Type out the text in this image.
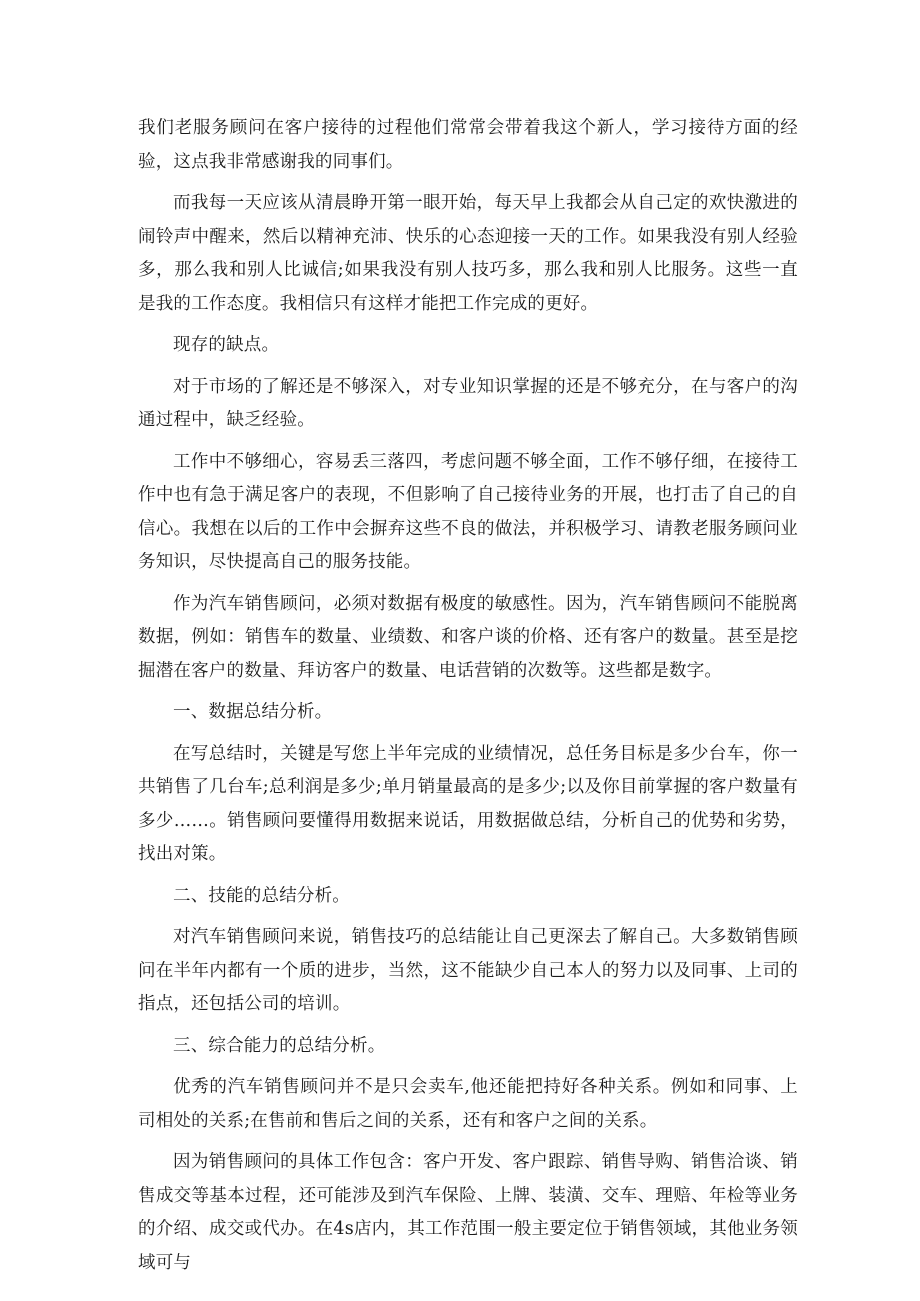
我们老服务顾问在客户接待的过程他们常常会带着我这个新人，学习接待方面的经验，这点我非常感谢我的同事们。

而我每一天应该从清晨睁开第一眼开始，每天早上我都会从自己定的欢快激进的闹铃声中醒来，然后以精神充沛、快乐的心态迎接一天的工作。如果我没有别人经验多，那么我和别人比诚信;如果我没有别人技巧多，那么我和别人比服务。这些一直是我的工作态度。我相信只有这样才能把工作完成的更好。

现存的缺点。

对于市场的了解还是不够深入，对专业知识掌握的还是不够充分，在与客户的沟通过程中，缺乏经验。

工作中不够细心，容易丢三落四，考虑问题不够全面，工作不够仔细，在接待工作中也有急于满足客户的表现，不但影响了自己接待业务的开展，也打击了自己的自信心。我想在以后的工作中会摒弃这些不良的做法，并积极学习、请教老服务顾问业务知识，尽快提高自己的服务技能。

作为汽车销售顾问，必须对数据有极度的敏感性。因为，汽车销售顾问不能脱离数据，例如：销售车的数量、业绩数、和客户谈的价格、还有客户的数量。甚至是挖掘潜在客户的数量、拜访客户的数量、电话营销的次数等。这些都是数字。

一、数据总结分析。

在写总结时，关键是写您上半年完成的业绩情况，总任务目标是多少台车，你一共销售了几台车;总利润是多少;单月销量最高的是多少;以及你目前掌握的客户数量有多少……。销售顾问要懂得用数据来说话，用数据做总结，分析自己的优势和劣势，找出对策。

二、技能的总结分析。

对汽车销售顾问来说，销售技巧的总结能让自己更深去了解自己。大多数销售顾问在半年内都有一个质的进步，当然，这不能缺少自己本人的努力以及同事、上司的指点，还包括公司的培训。

三、综合能力的总结分析。

优秀的汽车销售顾问并不是只会卖车,他还能把持好各种关系。例如和同事、上司相处的关系;在售前和售后之间的关系，还有和客户之间的关系。

因为销售顾问的具体工作包含：客户开发、客户跟踪、销售导购、销售洽谈、销售成交等基本过程，还可能涉及到汽车保险、上牌、装潢、交车、理赔、年检等业务的介绍、成交或代办。在4s店内，其工作范围一般主要定位于销售领域，其他业务领域可与
